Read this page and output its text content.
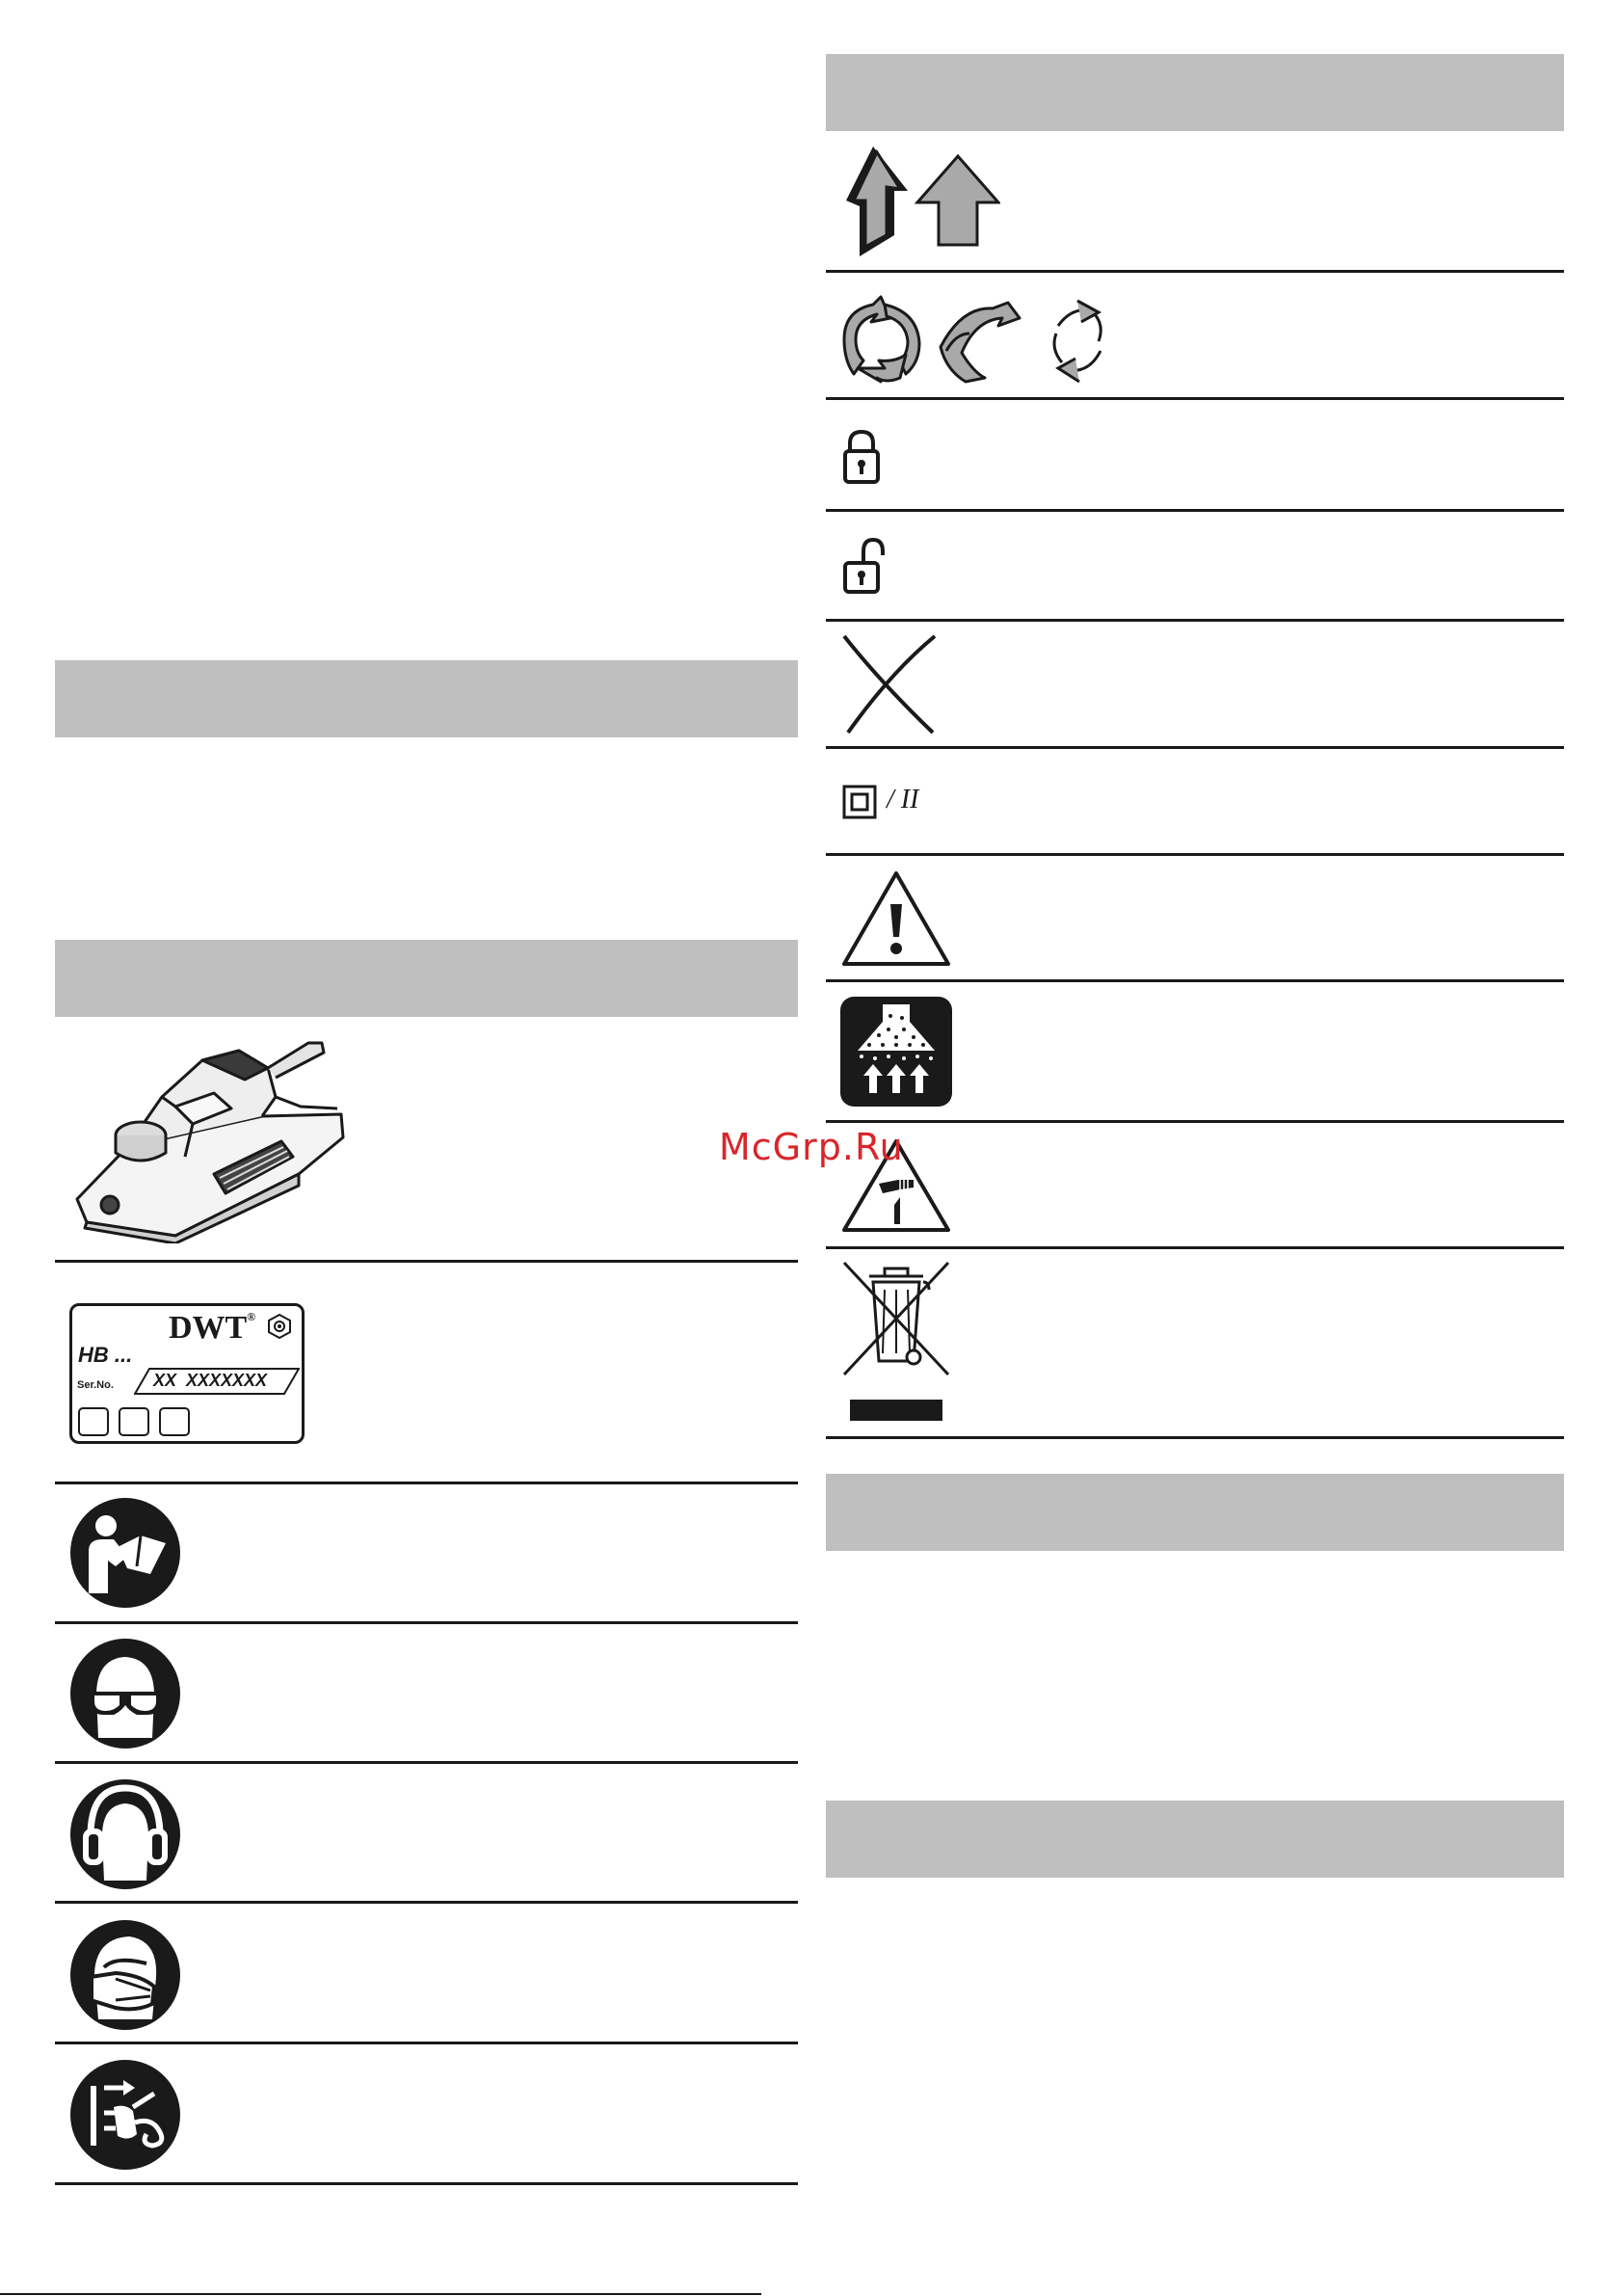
DWT®
HB ...
Ser.No. XX  XXXXXXX
/ II
McGrp.Ru
